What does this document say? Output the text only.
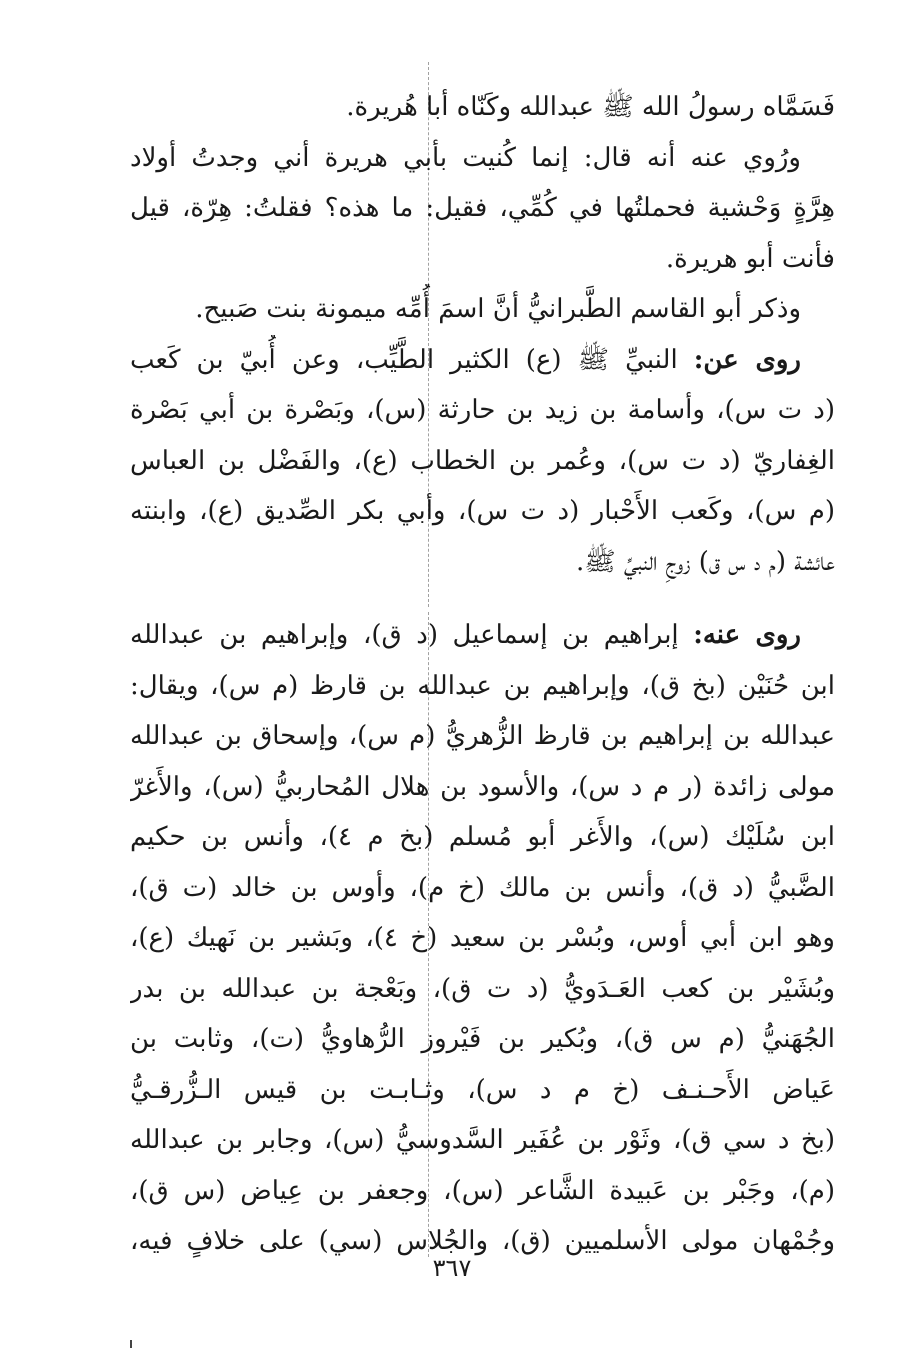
فَسَمَّاه رسولُ الله ﷺ عبدالله وكَنّاه أبا هُريرة.
ورُوي عنه أنه قال: إنما كُنيت بأبي هريرة أني وجدتُ أولاد
هِرَّةٍ وَحْشية فحملتُها في كُمِّي، فقيل: ما هذه؟ فقلتُ: هِرّة، قيل
فأنت أبو هريرة.
وذكر أبو القاسم الطَّبرانيُّ أنَّ اسمَ أُمِّه ميمونة بنت صَبيح.
روى عن: النبيِّ ﷺ (ع) الكثير الطَّيِّب، وعن أُبيّ بن كَعب
(د ت س)، وأسامة بن زيد بن حارثة (س)، وبَصْرة بن أبي بَصْرة
الغِفاريّ (د ت س)، وعُمر بن الخطاب (ع)، والفَضْل بن العباس
(م س)، وكَعب الأَحْبار (د ت س)، وأبي بكر الصِّديق (ع)، وابنته
عائشة (م د س ق) زوجِ النبيِّ ﷺ.
روى عنه: إبراهيم بن إسماعيل (د ق)، وإبراهيم بن عبدالله
ابن حُنَيْن (بخ ق)، وإبراهيم بن عبدالله بن قارظ (م س)، ويقال:
عبدالله بن إبراهيم بن قارظ الزُّهريُّ (م س)، وإسحاق بن عبدالله
مولى زائدة (ر م د س)، والأسود بن هلال المُحاربيُّ (س)، والأَغرّ
ابن سُلَيْك (س)، والأَغر أبو مُسلم (بخ م ٤)، وأنس بن حكيم
الضَّبيُّ (د ق)، وأنس بن مالك (خ م)، وأوس بن خالد (ت ق)،
وهو ابن أبي أوس، وبُسْر بن سعيد (خ ٤)، وبَشير بن نَهيك (ع)،
وبُشَيْر بن كعب العَـدَويُّ (د ت ق)، وبَعْجة بن عبدالله بن بدر
الجُهَنيُّ (م س ق)، وبُكير بن فَيْروز الرُّهاويُّ (ت)، وثابت بن
عَياض الأَحـنـف (خ م د س)، وثـابـت بن قيس الـزُّرقـيُّ
(بخ د سي ق)، وثَوْر بن عُفَير السَّدوسيُّ (س)، وجابر بن عبدالله
(م)، وجَبْر بن عَبيدة الشَّاعر (س)، وجعفر بن عِياض (س ق)،
وجُمْهان مولى الأسلميين (ق)، والجُلاس (سي) على خلافٍ فيه،
٣٦٧
